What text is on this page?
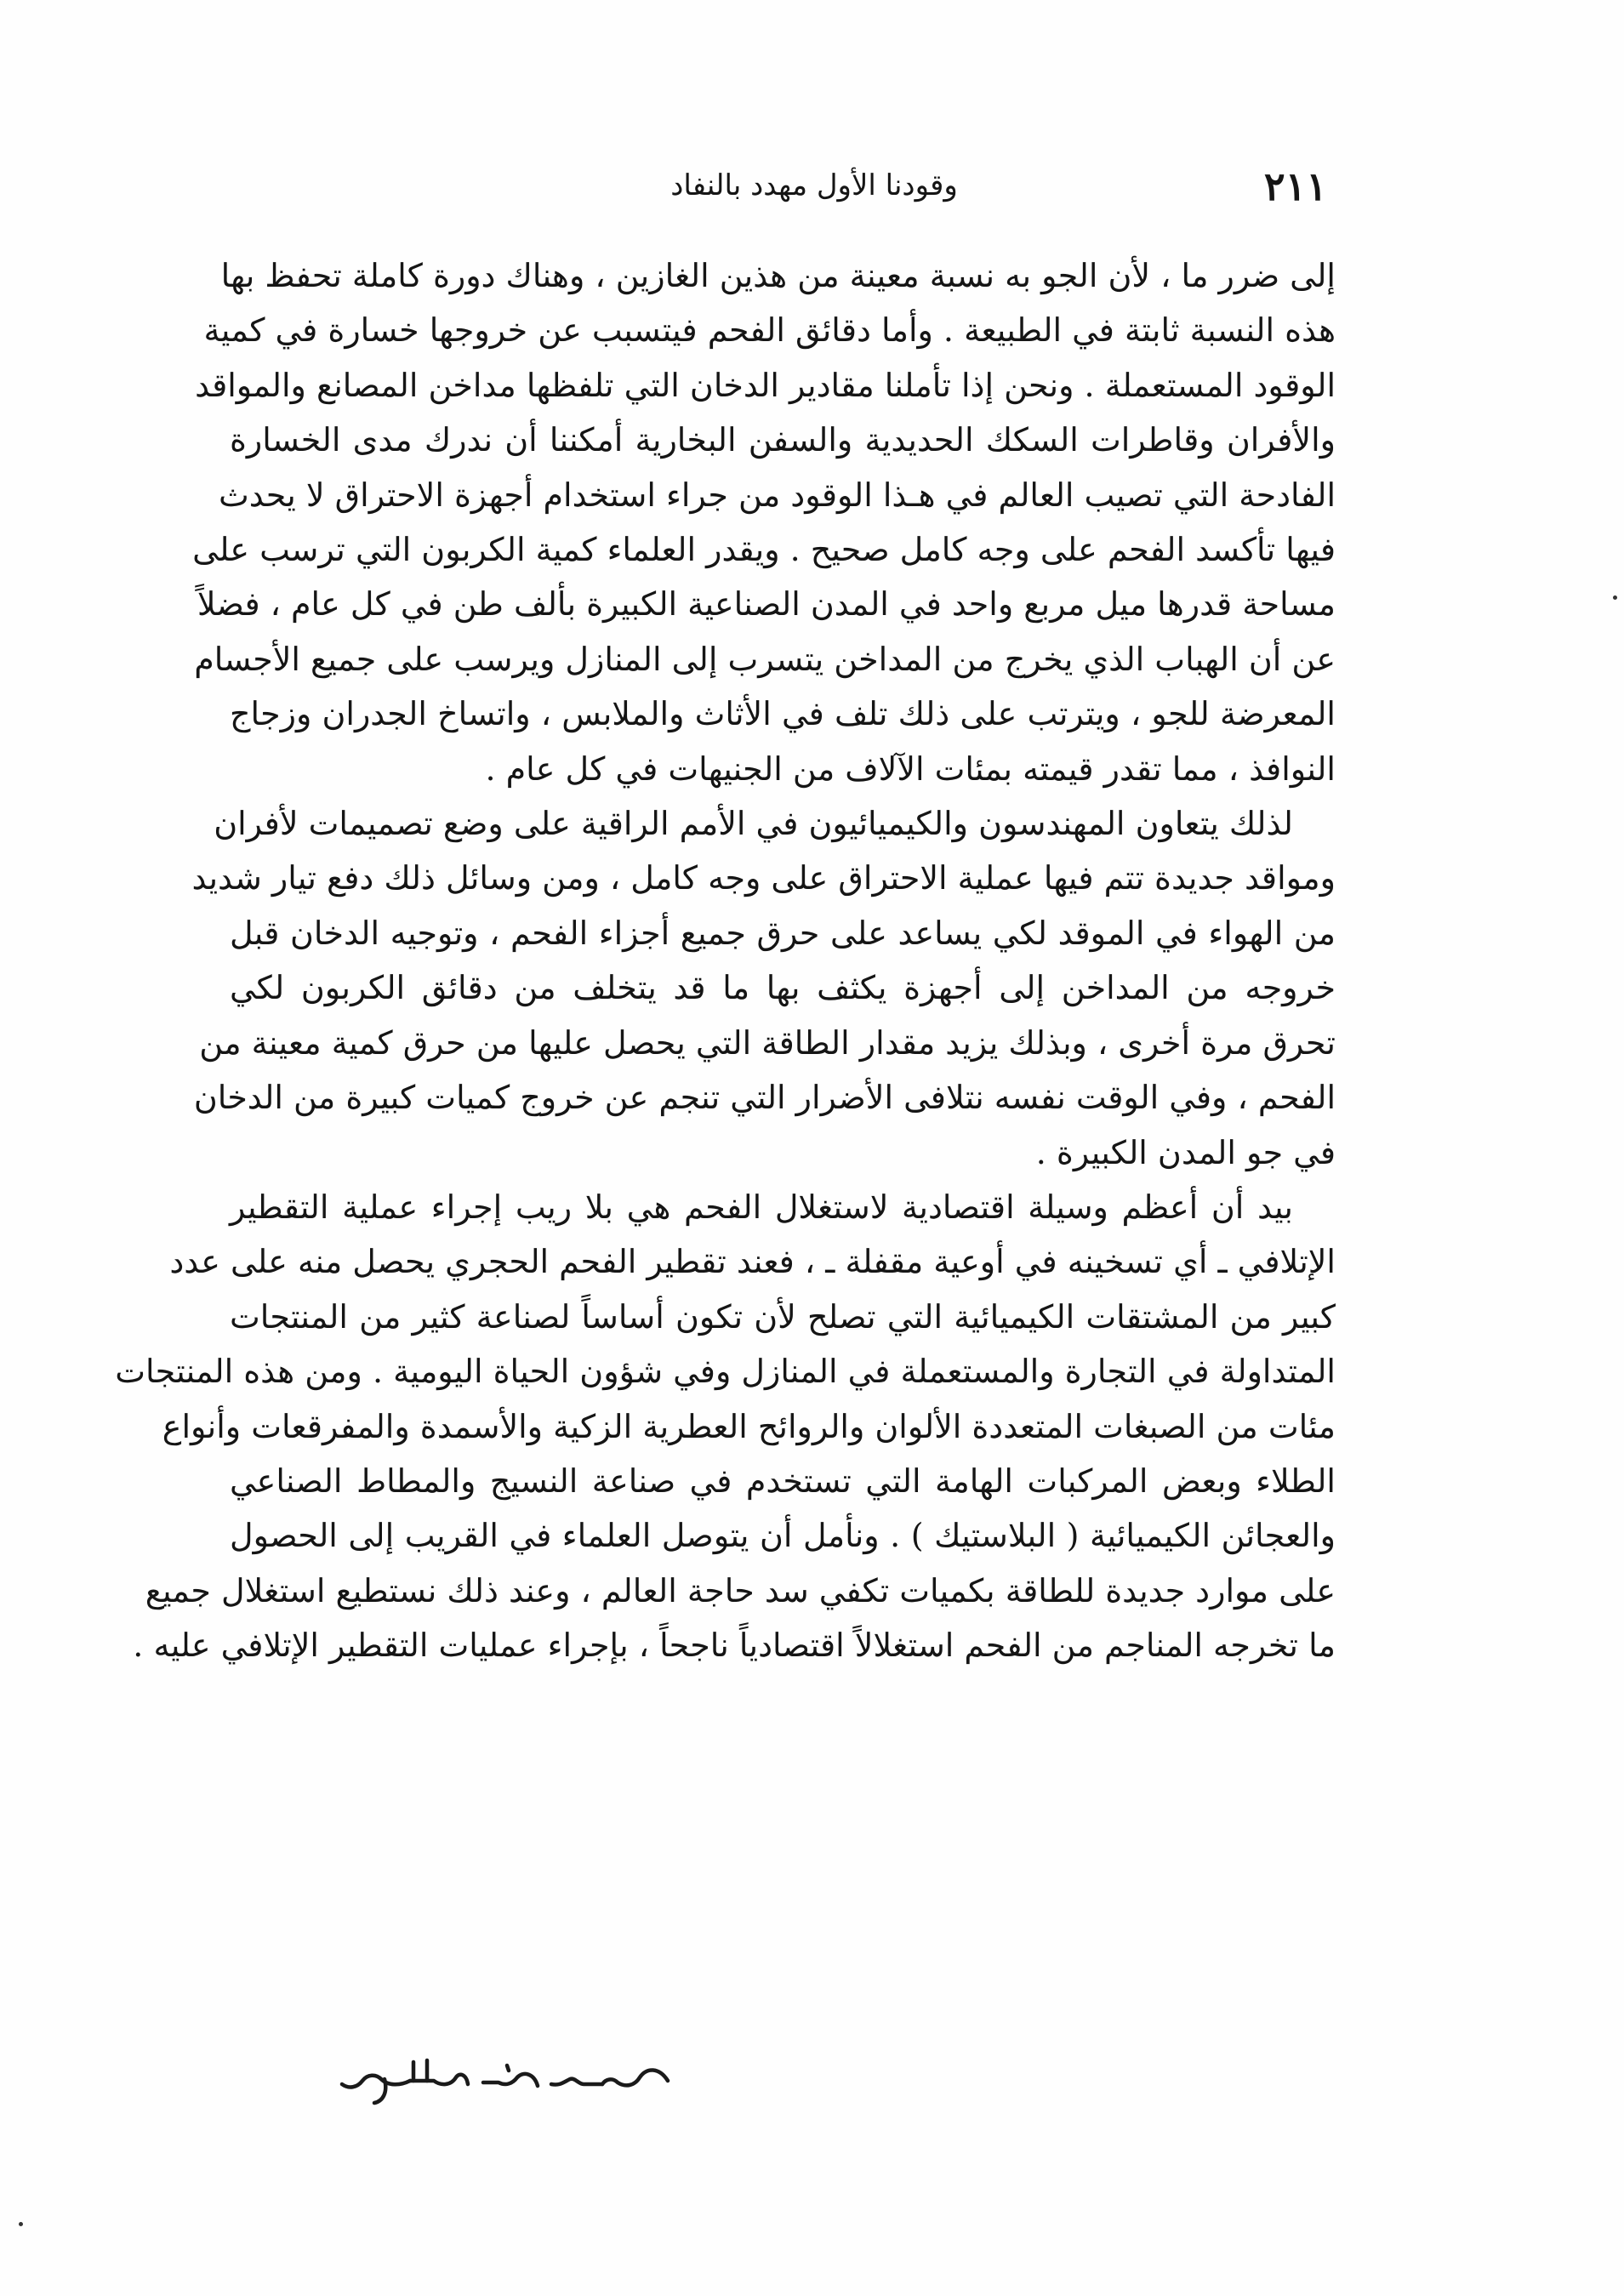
٢١١
وقودنا الأول مهدد بالنفاد

إلى ضرر ما ، لأن الجو به نسبة معينة من هذين الغازين ، وهناك دورة كاملة تحفظ بها
هذه النسبة ثابتة في الطبيعة . وأما دقائق الفحم فيتسبب عن خروجها خسارة في كمية
الوقود المستعملة . ونحن إذا تأملنا مقادير الدخان التي تلفظها مداخن المصانع والمواقد
والأفران وقاطرات السكك الحديدية والسفن البخارية أمكننا أن ندرك مدى الخسارة
الفادحة التي تصيب العالم في هـذا الوقود من جراء استخدام أجهزة الاحتراق لا يحدث
فيها تأكسد الفحم على وجه كامل صحيح . ويقدر العلماء كمية الكربون التي ترسب على
مساحة قدرها ميل مربع واحد في المدن الصناعية الكبيرة بألف طن في كل عام ، فضلاً
عن أن الهباب الذي يخرج من المداخن يتسرب إلى المنازل ويرسب على جميع الأجسام
المعرضة للجو ، ويترتب على ذلك تلف في الأثاث والملابس ، واتساخ الجدران وزجاج
النوافذ ، مما تقدر قيمته بمئات الآلاف من الجنيهات في كل عام .

لذلك يتعاون المهندسون والكيميائيون في الأمم الراقية على وضع تصميمات لأفران
ومواقد جديدة تتم فيها عملية الاحتراق على وجه كامل ، ومن وسائل ذلك دفع تيار شديد
من الهواء في الموقد لكي يساعد على حرق جميع أجزاء الفحم ، وتوجيه الدخان قبل
خروجه من المداخن إلى أجهزة يكثف بها ما قد يتخلف من دقائق الكربون لكي
تحرق مرة أخرى ، وبذلك يزيد مقدار الطاقة التي يحصل عليها من حرق كمية معينة من
الفحم ، وفي الوقت نفسه نتلافى الأضرار التي تنجم عن خروج كميات كبيرة من الدخان
في جو المدن الكبيرة .

بيد أن أعظم وسيلة اقتصادية لاستغلال الفحم هي بلا ريب إجراء عملية التقطير
الإتلافي ـ أي تسخينه في أوعية مقفلة ـ ، فعند تقطير الفحم الحجري يحصل منه على عدد
كبير من المشتقات الكيميائية التي تصلح لأن تكون أساساً لصناعة كثير من المنتجات
المتداولة في التجارة والمستعملة في المنازل وفي شؤون الحياة اليومية . ومن هذه المنتجات
مئات من الصبغات المتعددة الألوان والروائح العطرية الزكية والأسمدة والمفرقعات وأنواع
الطلاء وبعض المركبات الهامة التي تستخدم في صناعة النسيج والمطاط الصناعي
والعجائن الكيميائية ( البلاستيك ) . ونأمل أن يتوصل العلماء في القريب إلى الحصول
على موارد جديدة للطاقة بكميات تكفي سد حاجة العالم ، وعند ذلك نستطيع استغلال جميع
ما تخرجه المناجم من الفحم استغلالاً اقتصادياً ناجحاً ، بإجراء عمليات التقطير الإتلافي عليه .
